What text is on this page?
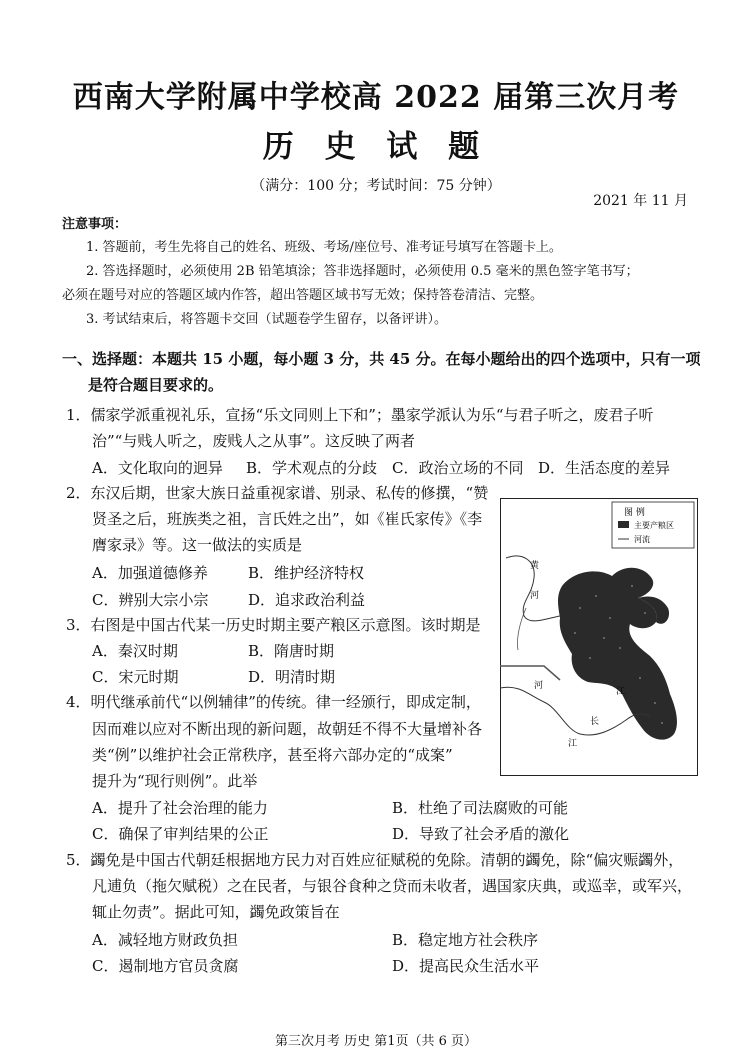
西南大学附属中学校高 2022 届第三次月考
历 史 试 题
（满分：100 分；考试时间：75 分钟）
2021 年 11 月
注意事项：
1. 答题前，考生先将自己的姓名、班级、考场/座位号、准考证号填写在答题卡上。
2. 答选择题时，必须使用 2B 铅笔填涂；答非选择题时，必须使用 0.5 毫米的黑色签字笔书写；
必须在题号对应的答题区域内作答，超出答题区域书写无效；保持答卷清洁、完整。
3. 考试结束后，将答题卡交回（试题卷学生留存，以备评讲）。
一、选择题：本题共 15 小题，每小题 3 分，共 45 分。在每小题给出的四个选项中，只有一项
是符合题目要求的。
1．儒家学派重视礼乐，宣扬“乐文同则上下和”；墨家学派认为乐“与君子听之，废君子听
治”“与贱人听之，废贱人之从事”。这反映了两者
A．文化取向的迥异 B．学术观点的分歧 C．政治立场的不同 D．生活态度的差异
2．东汉后期，世家大族日益重视家谱、别录、私传的修撰，“赞
贤圣之后，班族类之祖，言氏姓之出”，如《崔氏家传》《李
膺家录》等。这一做法的实质是
A．加强道德修养	B．维护经济特权
C．辨别大宗小宗	D．追求政治利益
3．右图是中国古代某一历史时期主要产粮区示意图。该时期是
A．秦汉时期	B．隋唐时期
C．宋元时期	D．明清时期
4．明代继承前代“以例辅律”的传统。律一经颁行，即成定制，
因而难以应对不断出现的新问题，故朝廷不得不大量增补各
类“例”以维护社会正常秩序，甚至将六部办定的“成案”
提升为“现行则例”。此举
A．提升了社会治理的能力	B．杜绝了司法腐败的可能
C．确保了审判结果的公正	D．导致了社会矛盾的激化
5．蠲免是中国古代朝廷根据地方民力对百姓应征赋税的免除。清朝的蠲免，除“偏灾赈蠲外，
凡逋负（拖欠赋税）之在民者，与银谷食种之贷而未收者，遇国家庆典，或巡幸，或军兴，
辄止勿责”。据此可知，蠲免政策旨在
A．减轻地方财政负担	B．稳定地方社会秩序
C．遏制地方官员贪腐	D．提高民众生活水平
图 例
主要产粮区
河流
黄
河
河
江
长
江
第三次月考 历史 第1页（共 6 页）
